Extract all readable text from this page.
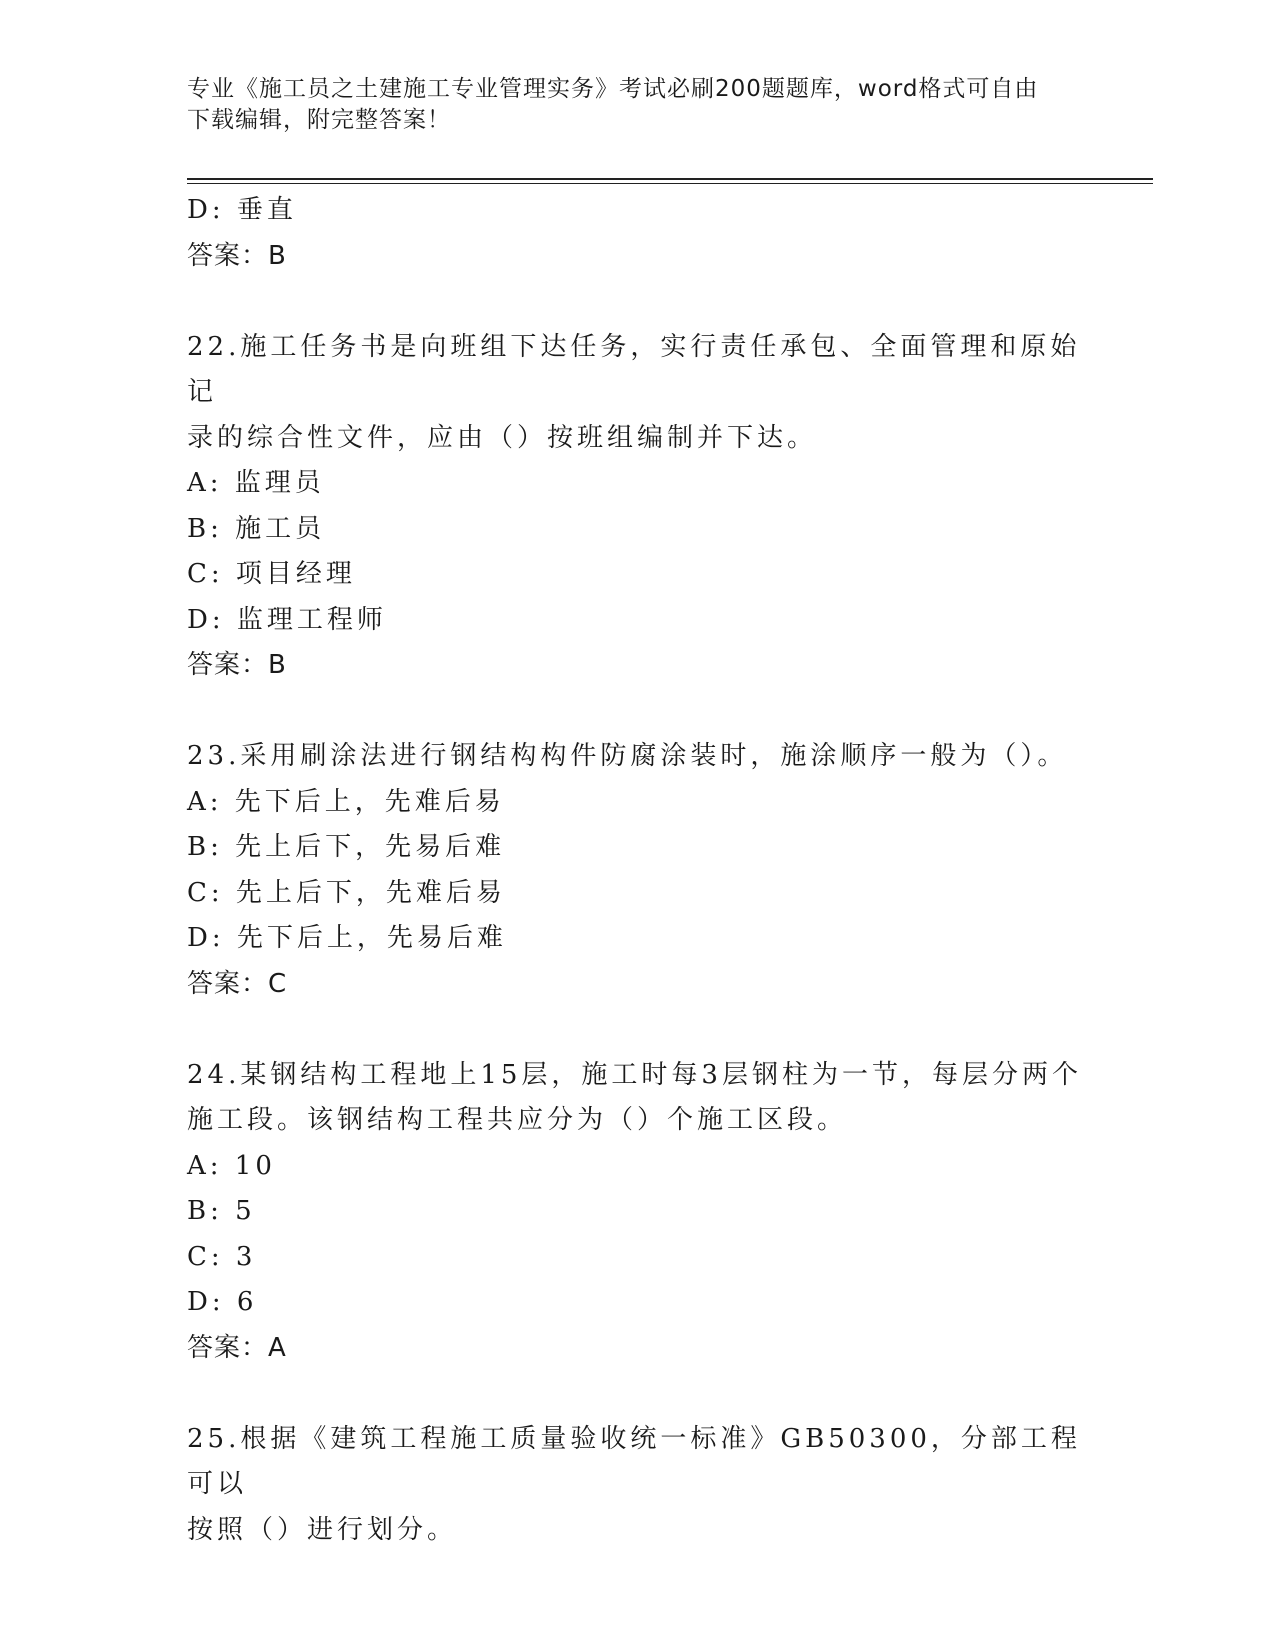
专业《施工员之土建施工专业管理实务》考试必刷200题题库，word格式可自由
下载编辑，附完整答案！
D: 垂直
答案：B
22.施工任务书是向班组下达任务，实行责任承包、全面管理和原始记
录的综合性文件，应由（）按班组编制并下达。
A: 监理员
B: 施工员
C: 项目经理
D: 监理工程师
答案：B
23.采用刷涂法进行钢结构构件防腐涂装时，施涂顺序一般为（）。
A: 先下后上，先难后易
B: 先上后下，先易后难
C: 先上后下，先难后易
D: 先下后上，先易后难
答案：C
24.某钢结构工程地上15层，施工时每3层钢柱为一节，每层分两个
施工段。该钢结构工程共应分为（）个施工区段。
A: 10
B: 5
C: 3
D: 6
答案：A
25.根据《建筑工程施工质量验收统一标准》GB50300，分部工程可以
按照（）进行划分。
